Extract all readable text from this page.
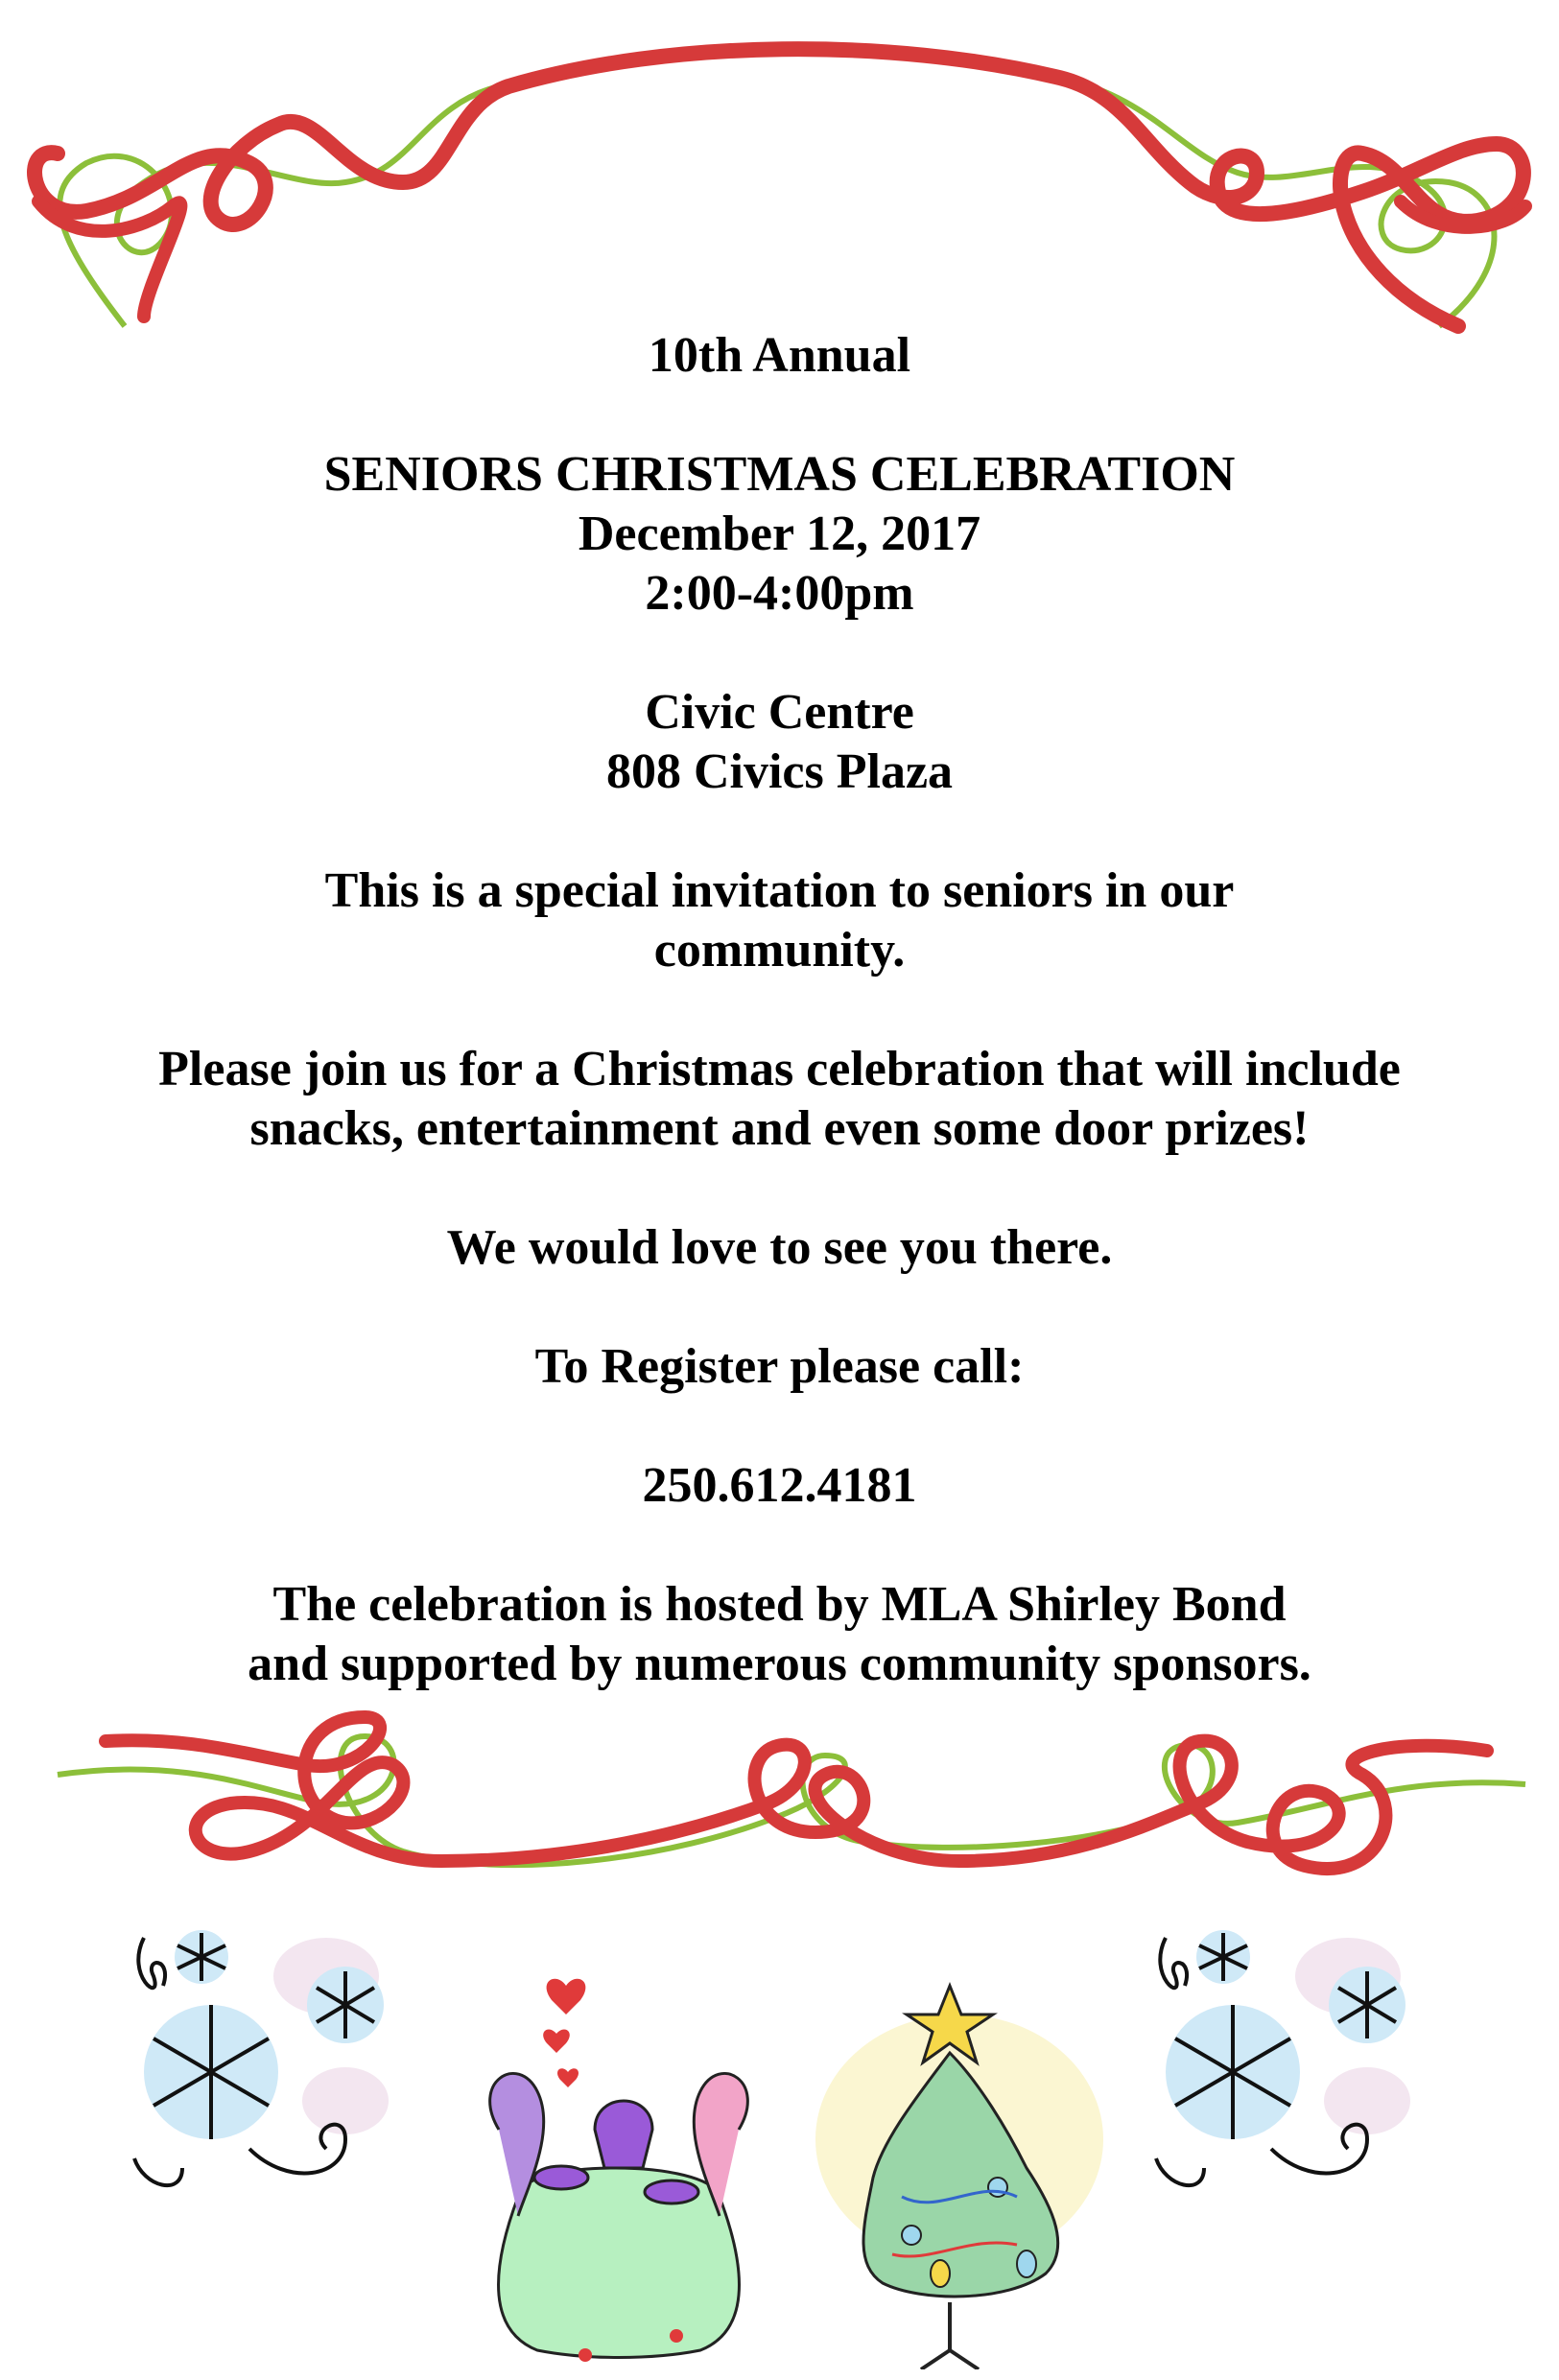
10th Annual

SENIORS CHRISTMAS CELEBRATION

December 12, 2017

2:00-4:00pm

Civic Centre

808 Civics Plaza

This is a special invitation to seniors in our

community.

Please join us for a Christmas celebration that will include

snacks, entertainment and even some door prizes!

We would love to see you there.

To Register please call:

250.612.4181

The celebration is hosted by MLA Shirley Bond

and supported by numerous community sponsors.
